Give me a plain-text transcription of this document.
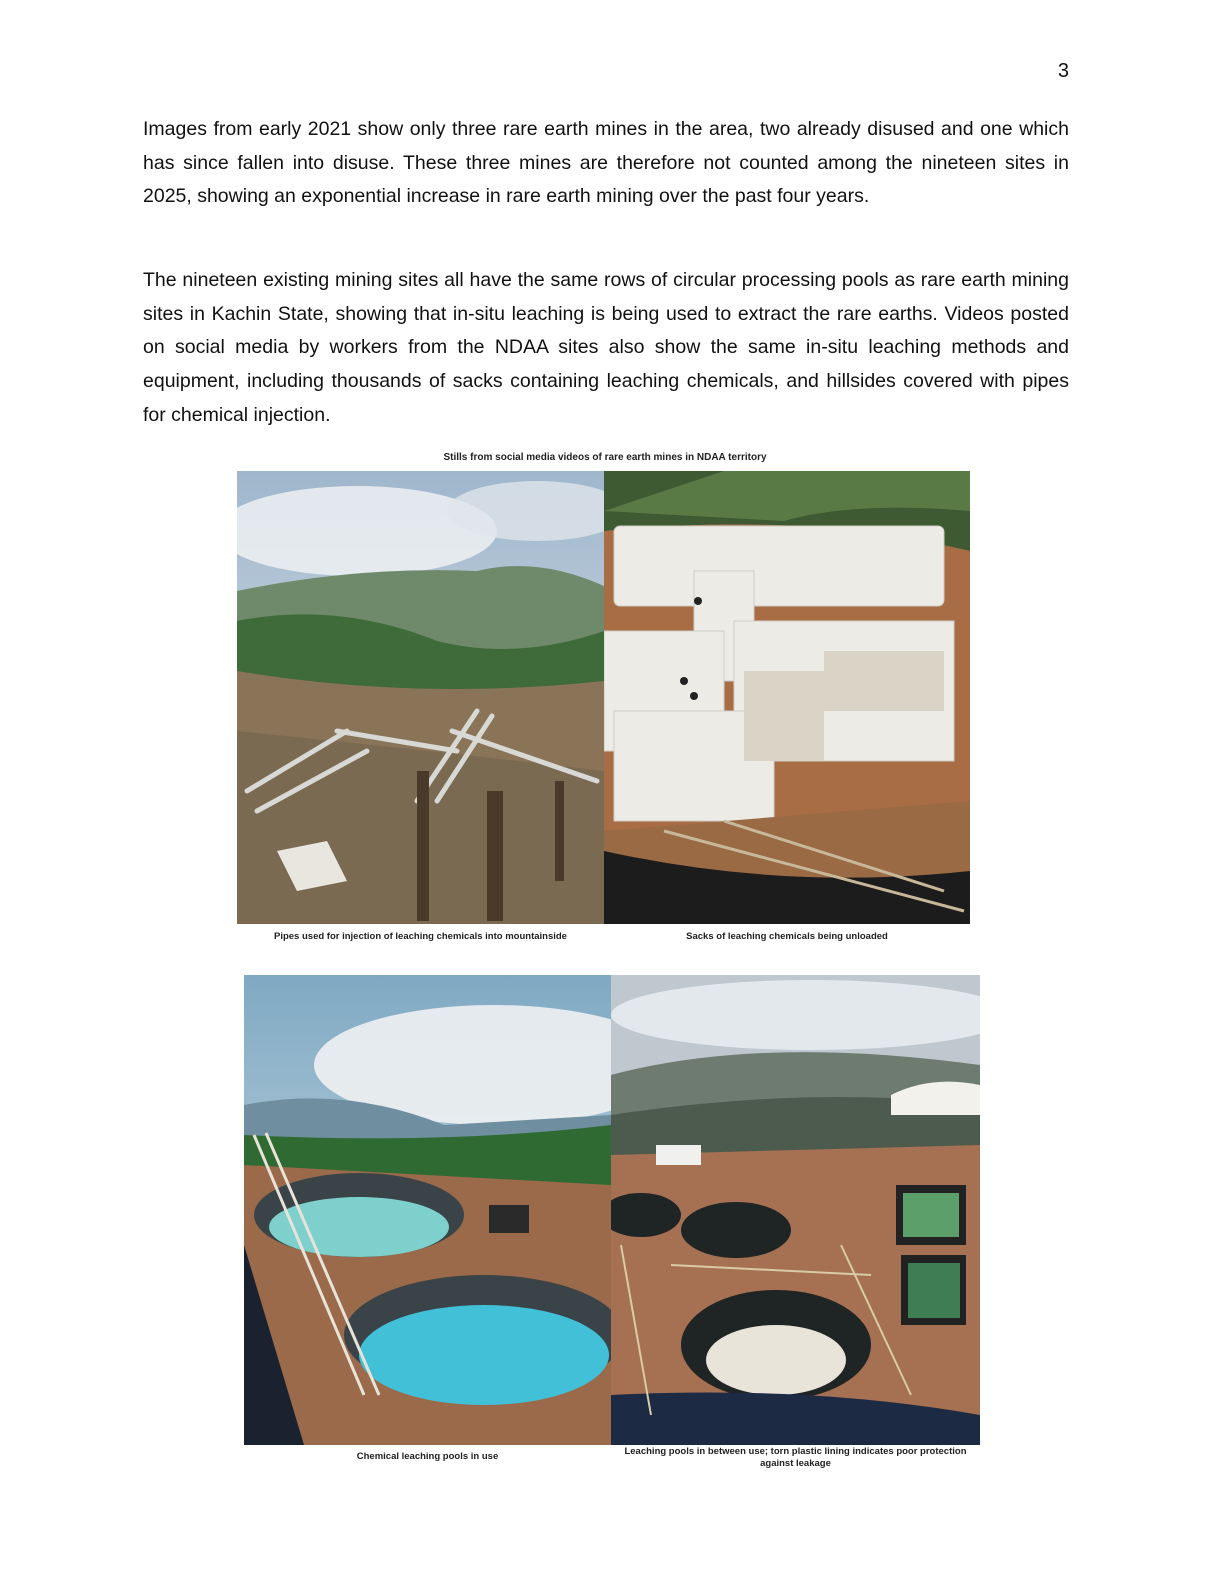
3

Images from early 2021 show only three rare earth mines in the area, two already disused and one which has since fallen into disuse. These three mines are therefore not counted among the nineteen sites in 2025, showing an exponential increase in rare earth mining over the past four years.

The nineteen existing mining sites all have the same rows of circular processing pools as rare earth mining sites in Kachin State, showing that in-situ leaching is being used to extract the rare earths. Videos posted on social media by workers from the NDAA sites also show the same in-situ leaching methods and equipment, including thousands of sacks containing leaching chemicals, and hillsides covered with pipes for chemical injection.

Stills from social media videos of rare earth mines in NDAA territory
Pipes used for injection of leaching chemicals into mountainside	Sacks of leaching chemicals being unloaded
Chemical leaching pools in use	Leaching pools in between use; torn plastic lining indicates poor protection against leakage
